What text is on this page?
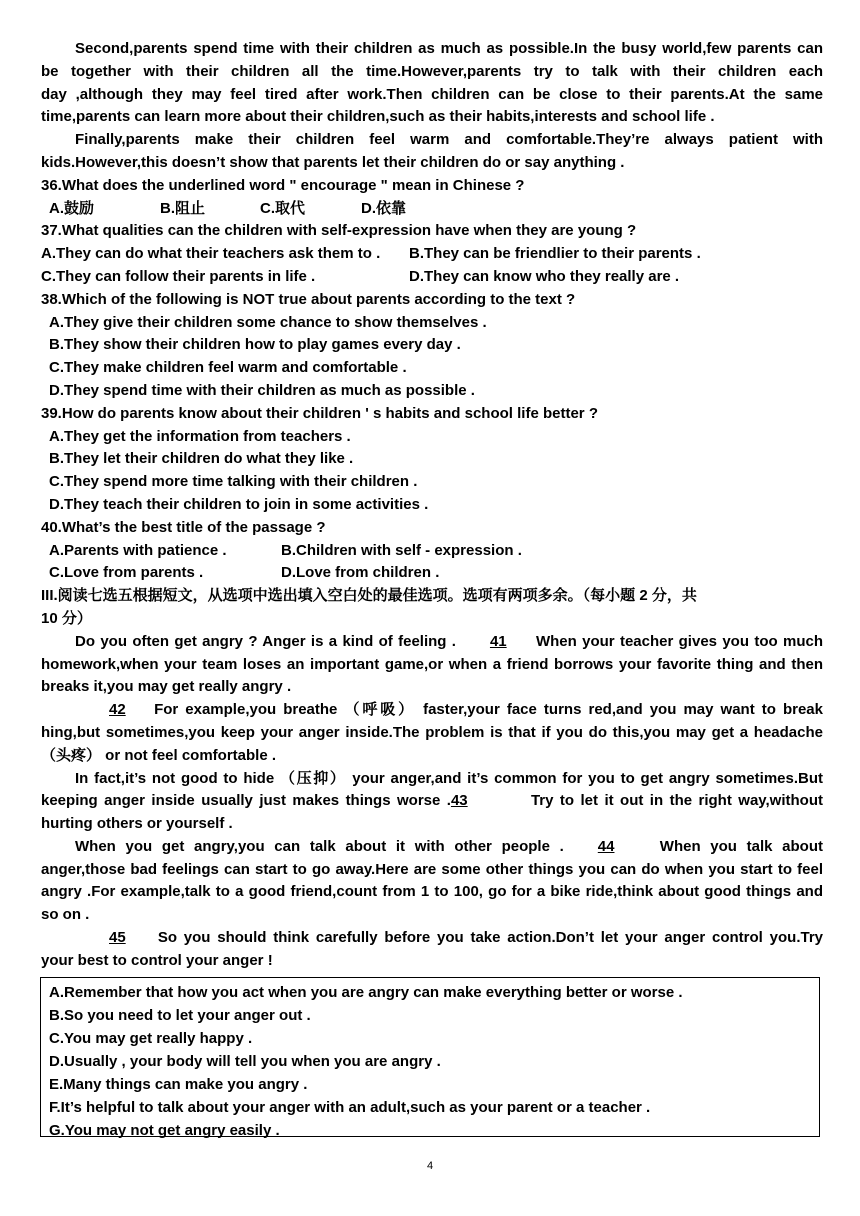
Second,parents spend time with their children as much as possible.In the busy world,few parents can
be together with their children all the time.However,parents try to talk with their children each
day ,although they may feel tired after work.Then children can be close to their parents.At the same
time,parents can learn more about their children,such as their habits,interests and school life .
Finally,parents make their children feel warm and comfortable.They’re always patient with
kids.However,this doesn’t show that parents let their children do or say anything .
36.What does the underlined word " encourage " mean in Chinese ?
A.鼓励	B.阻止	C.取代	D.依靠
37.What qualities can the children with self-expression have when they are young ?
A.They can do what their teachers ask them to .	B.They can be friendlier to their parents .
C.They can follow their parents in life .	D.They can know who they really are .
38.Which of the following is NOT true about parents according to the text ?
A.They give their children some chance to show themselves .
B.They show their children how to play games every day .
C.They make children feel warm and comfortable .
D.They spend time with their children as much as possible .
39.How do parents know about their children ' s habits and school life better ?
A.They get the information from teachers .
B.They let their children do what they like .
C.They spend more time talking with their children .
D.They teach their children to join in some activities .
40.What’s the best title of the passage ?
A.Parents with patience .	B.Children with self - expression .
C.Love from parents .	D.Love from children .
III.阅读七选五根据短文，从选项中选出填入空白处的最佳选项。选项有两项多余。（每小题 2 分，共
10 分）
Do you often get angry ? Anger is a kind of feeling . 41 When your teacher gives you too much
homework,when your team loses an important game,or when a friend borrows your favorite thing and then
breaks it,you may get really angry .
42 For example,you breathe （呼吸） faster,your face turns red,and you may want to break
hing,but sometimes,you keep your anger inside.The problem is that if you do this,you may get a headache
（头疼） or not feel comfortable .
In fact,it’s not good to hide （压抑） your anger,and it’s common for you to get angry sometimes.But
keeping anger inside usually just makes things worse .43	Try to let it out in the right way,without
hurting others or yourself .
When you get angry,you can talk about it with other people . 44	When you talk about
anger,those bad feelings can start to go away.Here are some other things you can do when you start to feel
angry .For example,talk to a good friend,count from 1 to 100, go for a bike ride,think about good things and
so on .
45 So you should think carefully before you take action.Don’t let your anger control you.Try
your best to control your anger !
A.Remember that how you act when you are angry can make everything better or worse .
B.So you need to let your anger out .
C.You may get really happy .
D.Usually , your body will tell you when you are angry .
E.Many things can make you angry .
F.It’s helpful to talk about your anger with an adult,such as your parent or a teacher .
G.You may not get angry easily .
4
